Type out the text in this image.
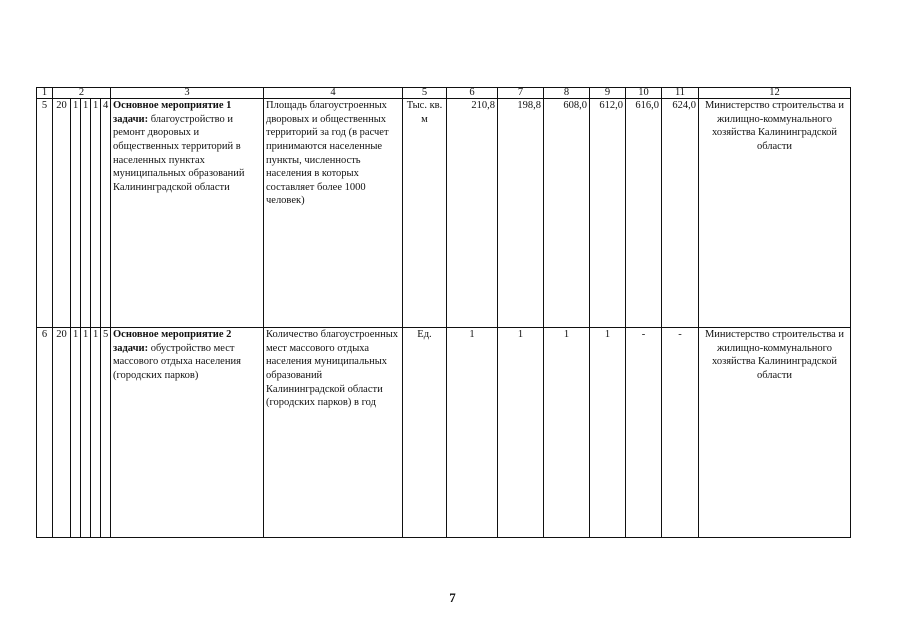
1	2					3	4	5	6	7	8	9	10	11	12
5	20	1	1	1	4	Основное мероприятие 1 задачи: благоустройство и ремонт дворовых и общественных территорий в населенных пунктах муниципальных образований Калининградской области	Площадь благоустроенных дворовых и общественных территорий за год (в расчет принимаются населенные пункты, численность населения в которых составляет более 1000 человек)	Тыс. кв. м	210,8	198,8	608,0	612,0	616,0	624,0	Министерство строительства и жилищно-коммунального хозяйства Калининградской области
6	20	1	1	1	5	Основное мероприятие 2 задачи: обустройство мест массового отдыха населения (городских парков)	Количество благоустроенных мест массового отдыха населения муниципальных образований Калининградской области (городских парков) в год	Ед.	1	1	1	1	-	-	Министерство строительства и жилищно-коммунального хозяйства Калининградской области
7
